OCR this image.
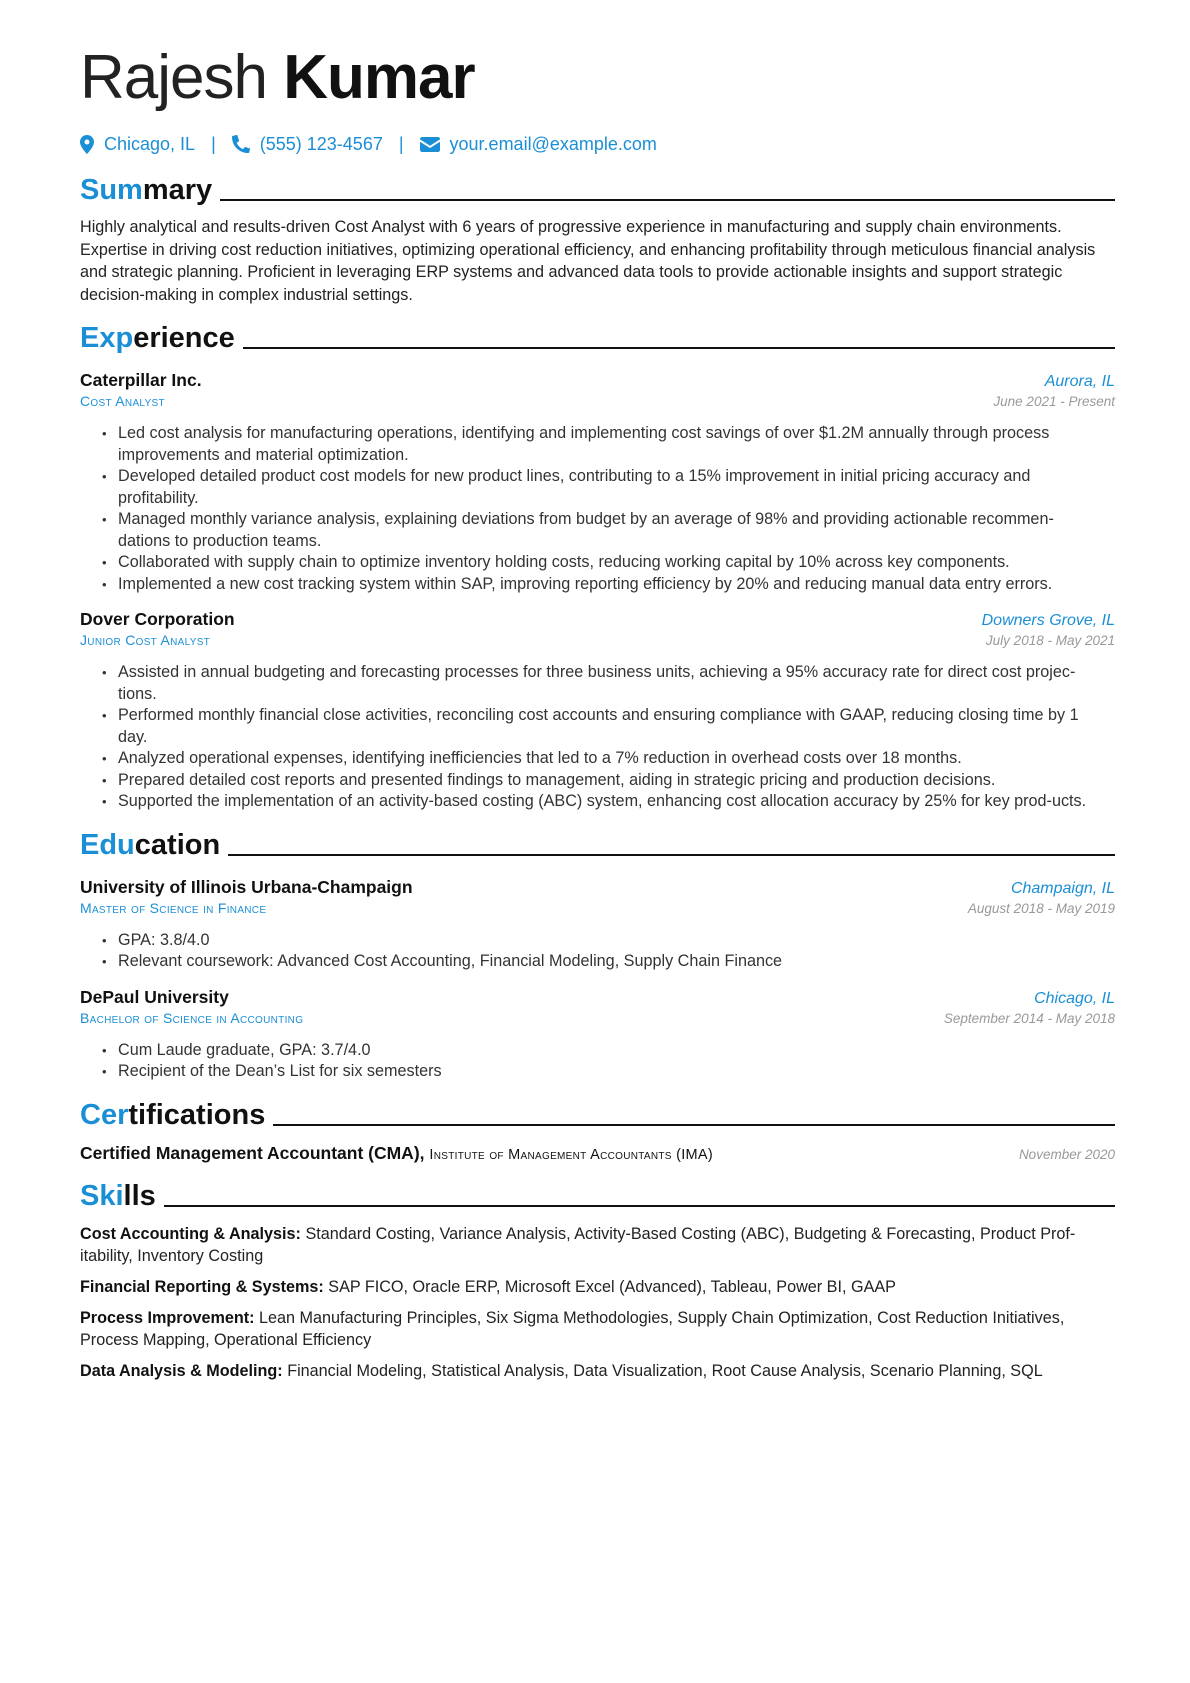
Rajesh Kumar
Chicago, IL | (555) 123-4567 |	your.email@example.com
Summary
Highly analytical and results-driven Cost Analyst with 6 years of progressive experience in manufacturing and supply chain environments. Expertise in driving cost reduction initiatives, optimizing operational efficiency, and enhancing profitability through meticulous financial analysis and strategic planning. Proficient in leveraging ERP systems and advanced data tools to provide actionable insights and support strategic decision-making in complex industrial settings.
Experience
Caterpillar Inc.	Aurora, IL
Cost Analyst	June 2021 - Present
• Led cost analysis for manufacturing operations, identifying and implementing cost savings of over $1.2M annually through process improvements and material optimization.
• Developed detailed product cost models for new product lines, contributing to a 15% improvement in initial pricing accuracy and profitability.
• Managed monthly variance analysis, explaining deviations from budget by an average of 98% and providing actionable recommen-dations to production teams.
• Collaborated with supply chain to optimize inventory holding costs, reducing working capital by 10% across key components.
• Implemented a new cost tracking system within SAP, improving reporting efficiency by 20% and reducing manual data entry errors.
Dover Corporation	Downers Grove, IL
Junior Cost Analyst	July 2018 - May 2021
• Assisted in annual budgeting and forecasting processes for three business units, achieving a 95% accuracy rate for direct cost projec-tions.
• Performed monthly financial close activities, reconciling cost accounts and ensuring compliance with GAAP, reducing closing time by 1 day.
• Analyzed operational expenses, identifying inefficiencies that led to a 7% reduction in overhead costs over 18 months.
• Prepared detailed cost reports and presented findings to management, aiding in strategic pricing and production decisions.
• Supported the implementation of an activity-based costing (ABC) system, enhancing cost allocation accuracy by 25% for key prod-ucts.
Education
University of Illinois Urbana-Champaign	Champaign, IL
Master of Science in Finance	August 2018 - May 2019
• GPA: 3.8/4.0
• Relevant coursework: Advanced Cost Accounting, Financial Modeling, Supply Chain Finance
DePaul University	Chicago, IL
Bachelor of Science in Accounting	September 2014 - May 2018
• Cum Laude graduate, GPA: 3.7/4.0
• Recipient of the Dean’s List for six semesters
Certifications
Certified Management Accountant (CMA), Institute of Management Accountants (IMA)	November 2020
Skills
Cost Accounting & Analysis: Standard Costing, Variance Analysis, Activity-Based Costing (ABC), Budgeting & Forecasting, Product Prof-itability, Inventory Costing
Financial Reporting & Systems: SAP FICO, Oracle ERP, Microsoft Excel (Advanced), Tableau, Power BI, GAAP
Process Improvement: Lean Manufacturing Principles, Six Sigma Methodologies, Supply Chain Optimization, Cost Reduction Initiatives, Process Mapping, Operational Efficiency
Data Analysis & Modeling: Financial Modeling, Statistical Analysis, Data Visualization, Root Cause Analysis, Scenario Planning, SQL
